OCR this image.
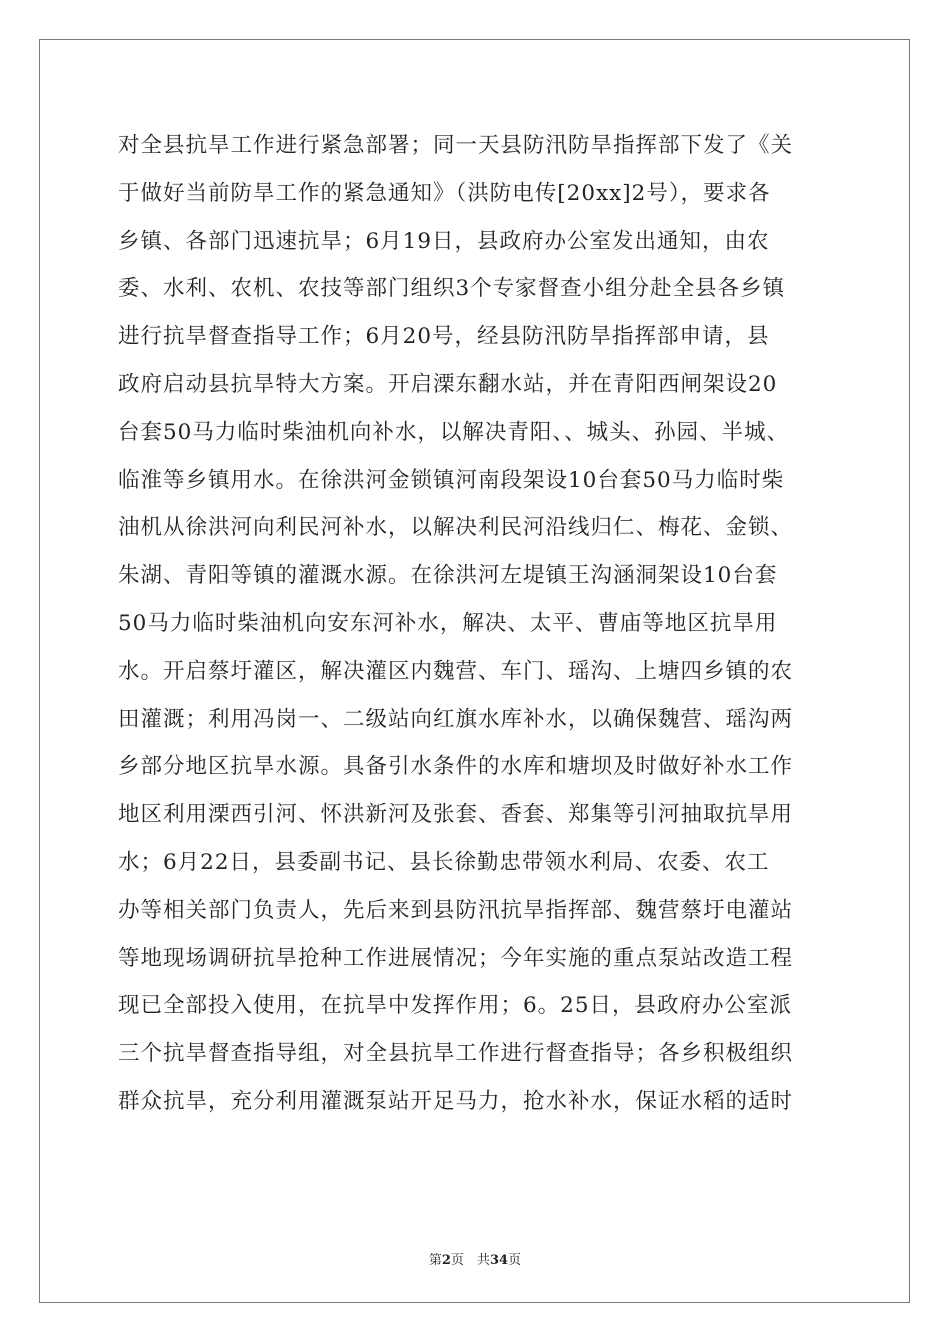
对全县抗旱工作进行紧急部署；同一天县防汛防旱指挥部下发了《关
于做好当前防旱工作的紧急通知》（洪防电传[20xx]2号），要求各
乡镇、各部门迅速抗旱；6月19日，县政府办公室发出通知，由农
委、水利、农机、农技等部门组织3个专家督查小组分赴全县各乡镇
进行抗旱督查指导工作；6月20号，经县防汛防旱指挥部申请，县
政府启动县抗旱特大方案。开启溧东翻水站，并在青阳西闸架设20
台套50马力临时柴油机向补水，以解决青阳、、城头、孙园、半城、
临淮等乡镇用水。在徐洪河金锁镇河南段架设10台套50马力临时柴
油机从徐洪河向利民河补水，以解决利民河沿线归仁、梅花、金锁、
朱湖、青阳等镇的灌溉水源。在徐洪河左堤镇王沟涵洞架设10台套
50马力临时柴油机向安东河补水，解决、太平、曹庙等地区抗旱用
水。开启蔡圩灌区，解决灌区内魏营、车门、瑶沟、上塘四乡镇的农
田灌溉；利用冯岗一、二级站向红旗水库补水，以确保魏营、瑶沟两
乡部分地区抗旱水源。具备引水条件的水库和塘坝及时做好补水工作
地区利用溧西引河、怀洪新河及张套、香套、郑集等引河抽取抗旱用
水；6月22日，县委副书记、县长徐勤忠带领水利局、农委、农工
办等相关部门负责人，先后来到县防汛抗旱指挥部、魏营蔡圩电灌站
等地现场调研抗旱抢种工作进展情况；今年实施的重点泵站改造工程
现已全部投入使用，在抗旱中发挥作用；6。25日，县政府办公室派
三个抗旱督查指导组，对全县抗旱工作进行督查指导；各乡积极组织
群众抗旱，充分利用灌溉泵站开足马力，抢水补水，保证水稻的适时
第2页　共34页
